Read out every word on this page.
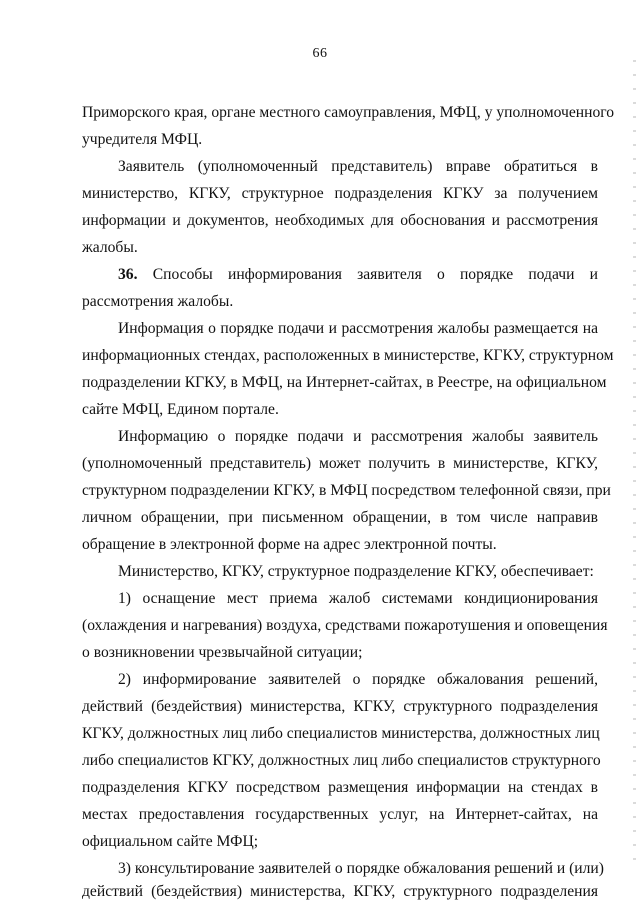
66
Приморского края, органе местного самоуправления, МФЦ, у уполномоченного
учредителя МФЦ.
Заявитель (уполномоченный представитель) вправе обратиться в
министерство, КГКУ, структурное подразделения КГКУ за получением
информации и документов, необходимых для обоснования и рассмотрения
жалобы.
36. Способы информирования заявителя о порядке подачи и
рассмотрения жалобы.
Информация о порядке подачи и рассмотрения жалобы размещается на
информационных стендах, расположенных в министерстве, КГКУ, структурном
подразделении КГКУ, в МФЦ, на Интернет-сайтах, в Реестре, на официальном
сайте МФЦ, Едином портале.
Информацию о порядке подачи и рассмотрения жалобы заявитель
(уполномоченный представитель) может получить в министерстве, КГКУ,
структурном подразделении КГКУ, в МФЦ посредством телефонной связи, при
личном обращении, при письменном обращении, в том числе направив
обращение в электронной форме на адрес электронной почты.
Министерство, КГКУ, структурное подразделение КГКУ, обеспечивает:
1) оснащение мест приема жалоб системами кондиционирования
(охлаждения и нагревания) воздуха, средствами пожаротушения и оповещения
о возникновении чрезвычайной ситуации;
2) информирование заявителей о порядке обжалования решений,
действий (бездействия) министерства, КГКУ, структурного подразделения
КГКУ, должностных лиц либо специалистов министерства, должностных лиц
либо специалистов КГКУ, должностных лиц либо специалистов структурного
подразделения КГКУ посредством размещения информации на стендах в
местах предоставления государственных услуг, на Интернет-сайтах, на
официальном сайте МФЦ;
3) консультирование заявителей о порядке обжалования решений и (или)
действий (бездействия) министерства, КГКУ, структурного подразделения
